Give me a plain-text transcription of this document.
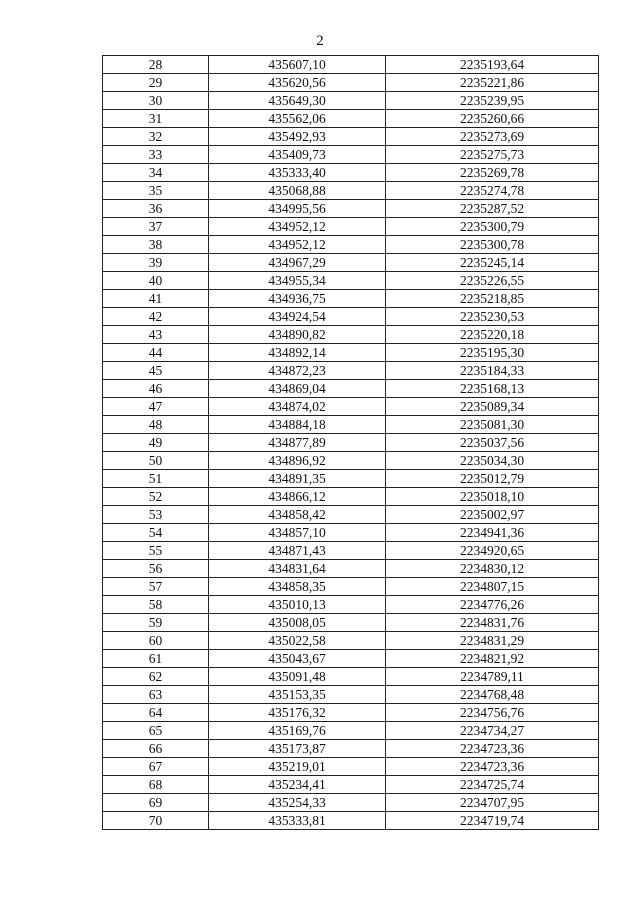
2
28	435607,10	2235193,64
29	435620,56	2235221,86
30	435649,30	2235239,95
31	435562,06	2235260,66
32	435492,93	2235273,69
33	435409,73	2235275,73
34	435333,40	2235269,78
35	435068,88	2235274,78
36	434995,56	2235287,52
37	434952,12	2235300,79
38	434952,12	2235300,78
39	434967,29	2235245,14
40	434955,34	2235226,55
41	434936,75	2235218,85
42	434924,54	2235230,53
43	434890,82	2235220,18
44	434892,14	2235195,30
45	434872,23	2235184,33
46	434869,04	2235168,13
47	434874,02	2235089,34
48	434884,18	2235081,30
49	434877,89	2235037,56
50	434896,92	2235034,30
51	434891,35	2235012,79
52	434866,12	2235018,10
53	434858,42	2235002,97
54	434857,10	2234941,36
55	434871,43	2234920,65
56	434831,64	2234830,12
57	434858,35	2234807,15
58	435010,13	2234776,26
59	435008,05	2234831,76
60	435022,58	2234831,29
61	435043,67	2234821,92
62	435091,48	2234789,11
63	435153,35	2234768,48
64	435176,32	2234756,76
65	435169,76	2234734,27
66	435173,87	2234723,36
67	435219,01	2234723,36
68	435234,41	2234725,74
69	435254,33	2234707,95
70	435333,81	2234719,74
